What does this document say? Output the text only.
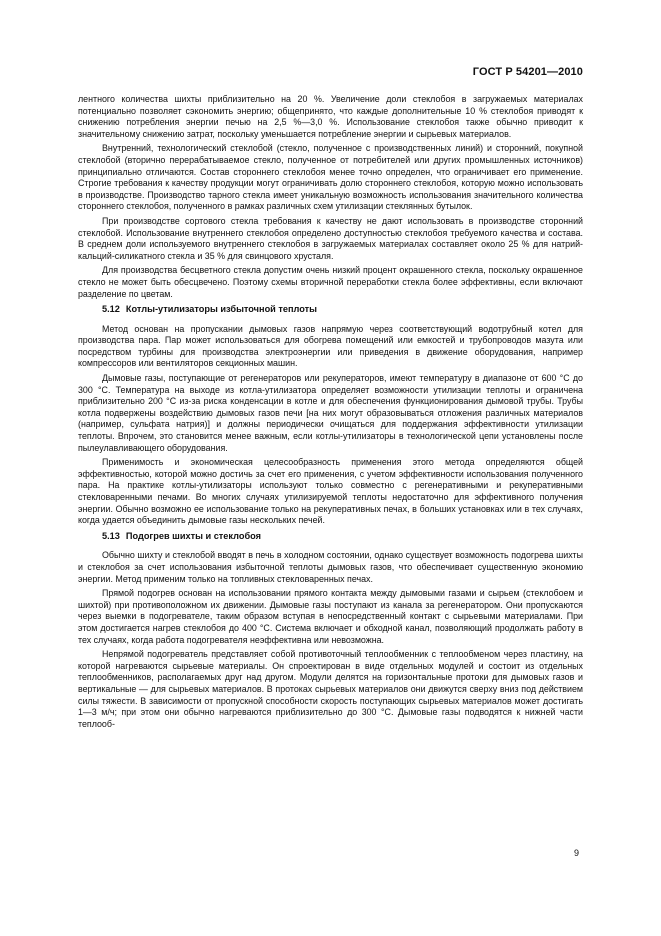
ГОСТ Р 54201—2010

лентного количества шихты приблизительно на 20 %. Увеличение доли стеклобоя в загружаемых материалах потенциально позволяет сэкономить энергию; общепринято, что каждые дополнительные 10 % стеклобоя приводят к снижению потребления энергии печью на 2,5 %—3,0 %. Использование стеклобоя также обычно приводит к значительному снижению затрат, поскольку уменьшается потребление энергии и сырьевых материалов.

Внутренний, технологический стеклобой (стекло, полученное с производственных линий) и сторонний, покупной стеклобой (вторично перерабатываемое стекло, полученное от потребителей или других промышленных источников) принципиально отличаются. Состав стороннего стеклобоя менее точно определен, что ограничивает его применение. Строгие требования к качеству продукции могут ограничивать долю стороннего стеклобоя, которую можно использовать в производстве. Производство тарного стекла имеет уникальную возможность использования значительного количества стороннего стеклобоя, полученного в рамках различных схем утилизации стеклянных бутылок.

При производстве сортового стекла требования к качеству не дают использовать в производстве сторонний стеклобой. Использование внутреннего стеклобоя определено доступностью стеклобоя требуемого качества и состава. В среднем доли используемого внутреннего стеклобоя в загружаемых материалах составляет около 25 % для натрий-кальций-силикатного стекла и 35 % для свинцового хрусталя.

Для производства бесцветного стекла допустим очень низкий процент окрашенного стекла, поскольку окрашенное стекло не может быть обесцвечено. Поэтому схемы вторичной переработки стекла более эффективны, если включают разделение по цветам.

5.12 Котлы-утилизаторы избыточной теплоты

Метод основан на пропускании дымовых газов напрямую через соответствующий водотрубный котел для производства пара. Пар может использоваться для обогрева помещений или емкостей и трубопроводов мазута или посредством турбины для производства электроэнергии или приведения в движение оборудования, например компрессоров или вентиляторов секционных машин.

Дымовые газы, поступающие от регенераторов или рекуператоров, имеют температуру в диапазоне от 600 °С до 300 °С. Температура на выходе из котла-утилизатора определяет возможности утилизации теплоты и ограничена приблизительно 200 °С из-за риска конденсации в котле и для обеспечения функционирования дымовой трубы. Трубы котла подвержены воздействию дымовых газов печи [на них могут образовываться отложения различных материалов (например, сульфата натрия)] и должны периодически очищаться для поддержания эффективности утилизации теплоты. Впрочем, это становится менее важным, если котлы-утилизаторы в технологической цепи установлены после пылеулавливающего оборудования.

Применимость и экономическая целесообразность применения этого метода определяются общей эффективностью, которой можно достичь за счет его применения, с учетом эффективности использования полученного пара. На практике котлы-утилизаторы используют только совместно с регенеративными и рекуперативными стекловаренными печами. Во многих случаях утилизируемой теплоты недостаточно для эффективного получения энергии. Обычно возможно ее использование только на рекуперативных печах, в больших установках или в тех случаях, когда удается объединить дымовые газы нескольких печей.

5.13 Подогрев шихты и стеклобоя

Обычно шихту и стеклобой вводят в печь в холодном состоянии, однако существует возможность подогрева шихты и стеклобоя за счет использования избыточной теплоты дымовых газов, что обеспечивает существенную экономию энергии. Метод применим только на топливных стекловаренных печах.

Прямой подогрев основан на использовании прямого контакта между дымовыми газами и сырьем (стеклобоем и шихтой) при противоположном их движении. Дымовые газы поступают из канала за регенератором. Они пропускаются через выемки в подогревателе, таким образом вступая в непосредственный контакт с сырьевыми материалами. При этом достигается нагрев стеклобоя до 400 °С. Система включает и обходной канал, позволяющий продолжать работу в тех случаях, когда работа подогревателя неэффективна или невозможна.

Непрямой подогреватель представляет собой противоточный теплообменник с теплообменом через пластину, на которой нагреваются сырьевые материалы. Он спроектирован в виде отдельных модулей и состоит из отдельных теплообменников, располагаемых друг над другом. Модули делятся на горизонтальные протоки для дымовых газов и вертикальные — для сырьевых материалов. В протоках сырьевых материалов они движутся сверху вниз под действием силы тяжести. В зависимости от пропускной способности скорость поступающих сырьевых материалов может достигать 1—3 м/ч; при этом они обычно нагреваются приблизительно до 300 °С. Дымовые газы подводятся к нижней части теплооб-

9
